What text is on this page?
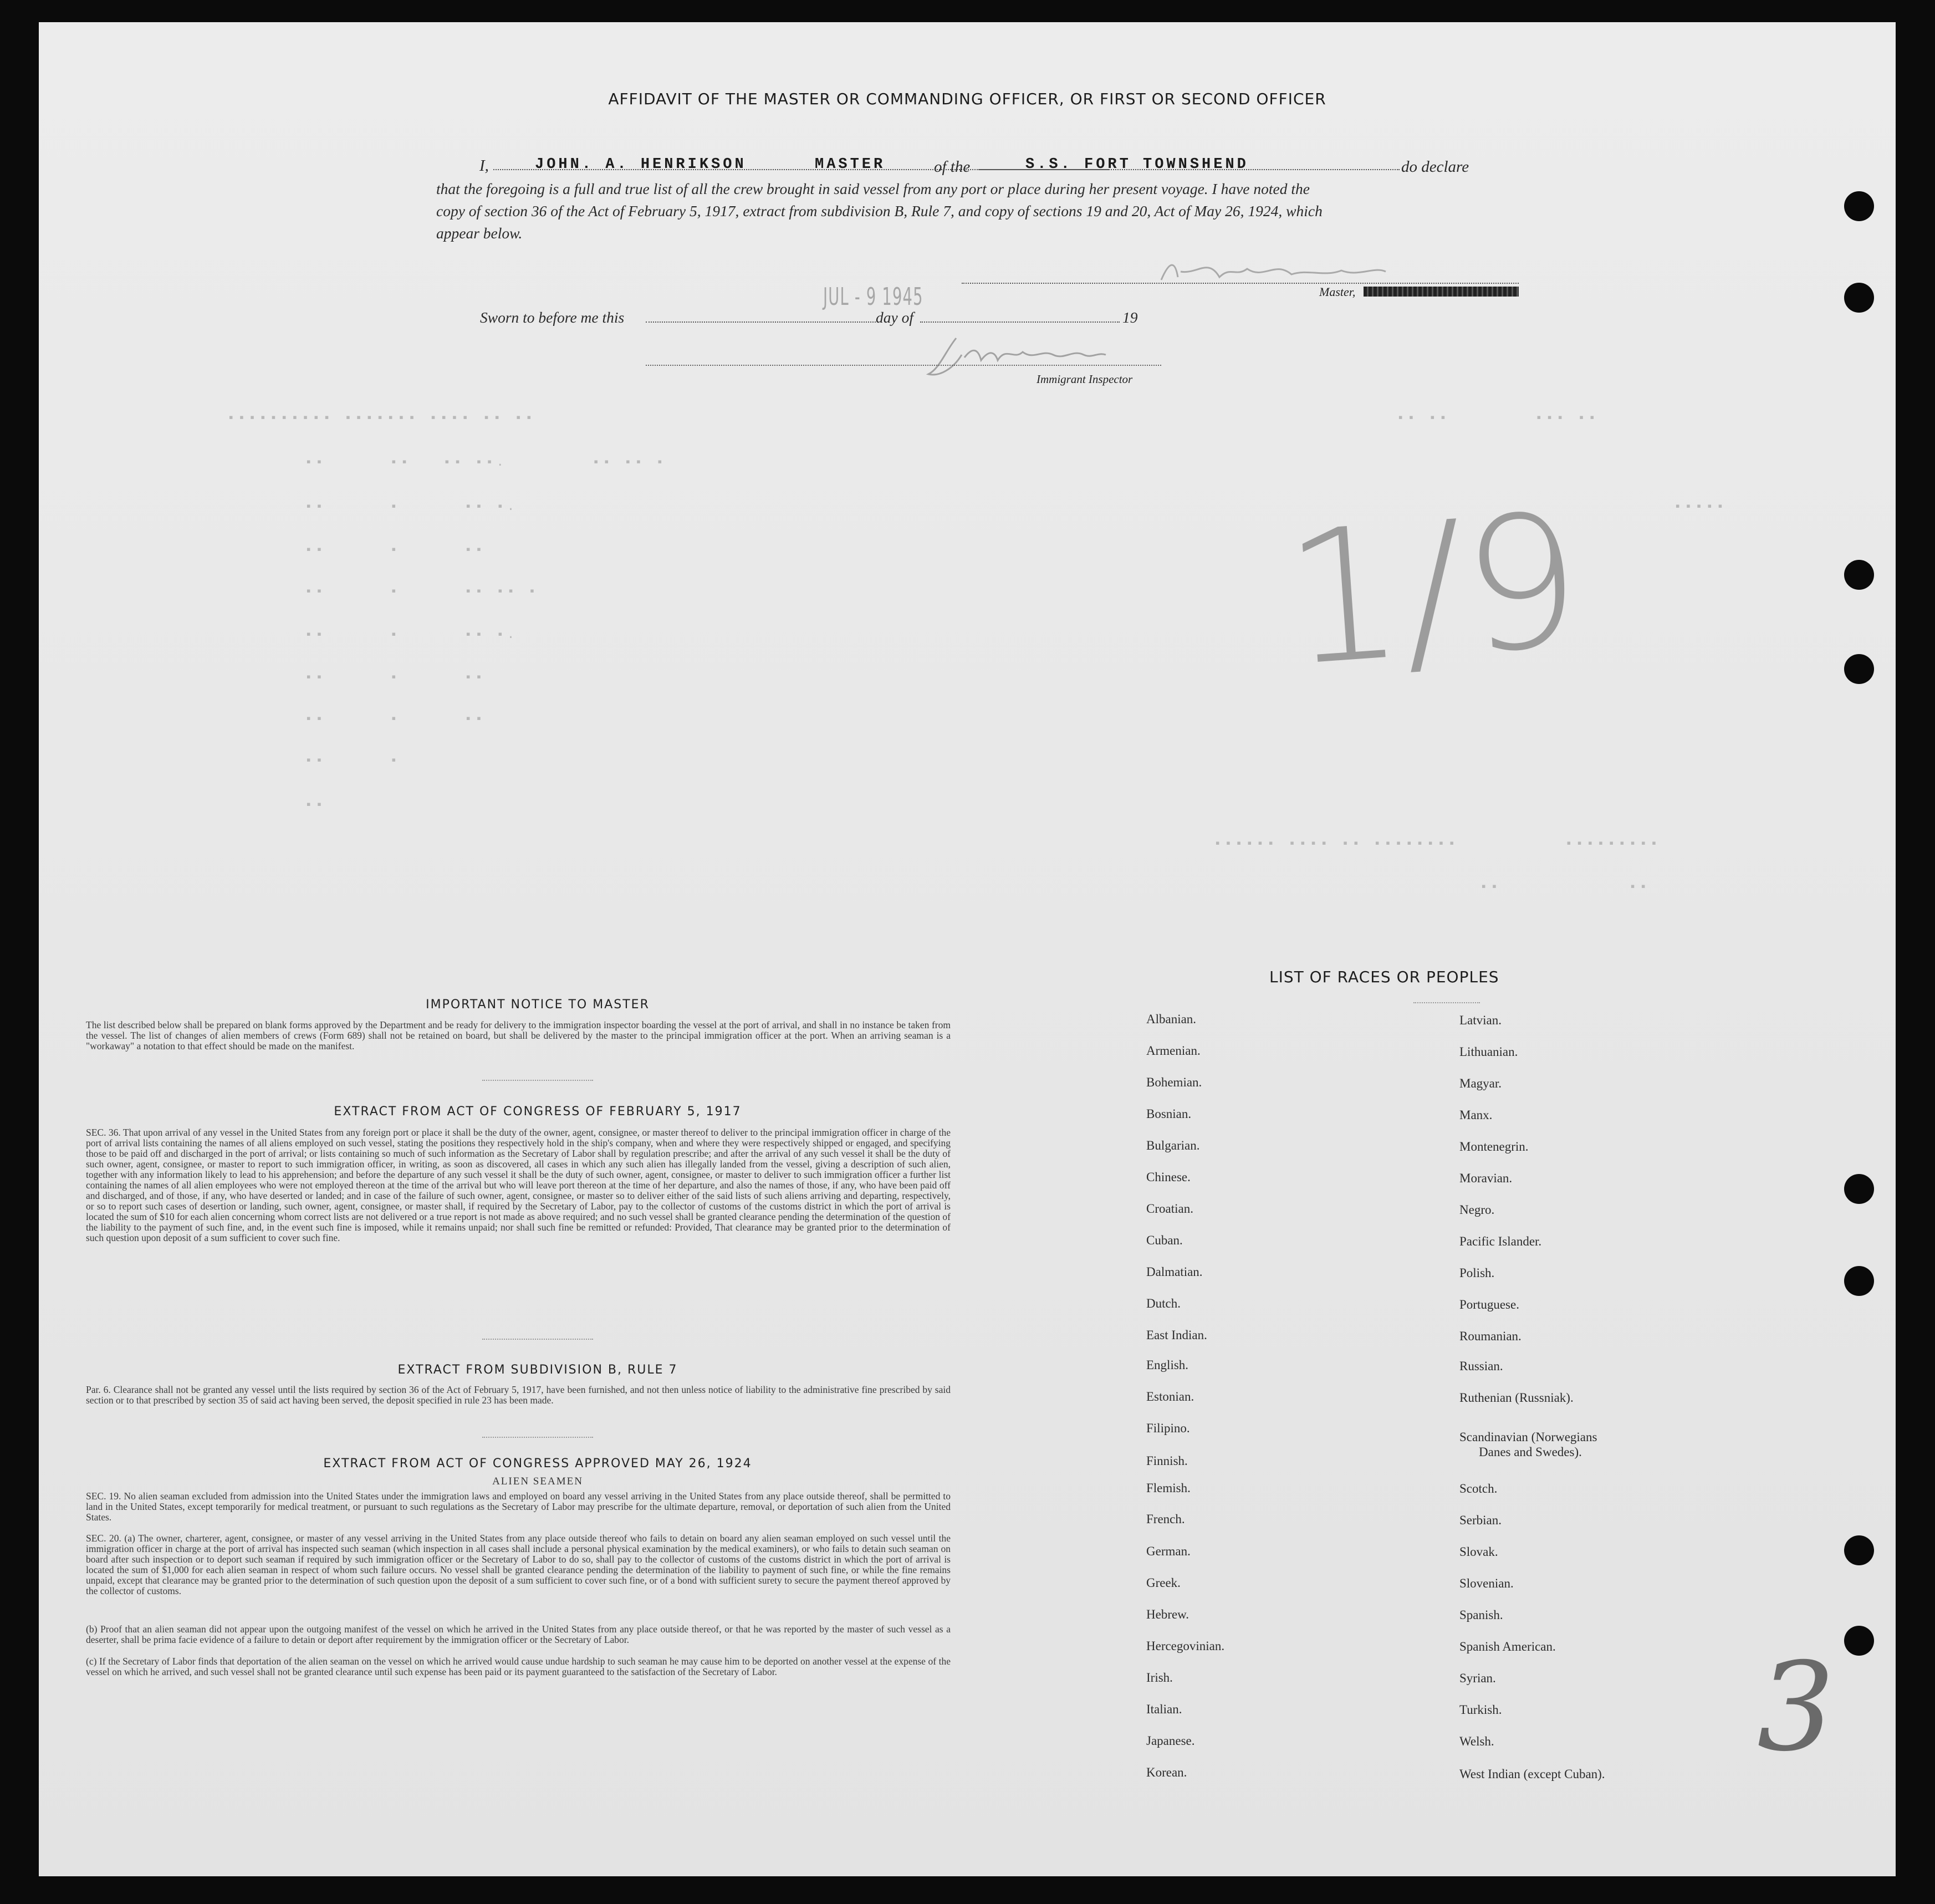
AFFIDAVIT OF THE MASTER OR COMMANDING OFFICER, OR FIRST OR SECOND OFFICER
I,	JOHN. A. HENRIKSON	MASTER	of the	S.S. FORT TOWNSHEND	do declare
that the foregoing is a full and true list of all the crew brought in said vessel from any port or place during her present voyage. I have noted the
copy of section 36 of the Act of February 5, 1917, extract from subdivision B, Rule 7, and copy of sections 19 and 20, Act of May 26, 1924, which
appear below.
Master,
Sworn to before me this
JUL - 9 1945
day of	19
Immigrant Inspector
▪▪▪▪▪▪▪▪▪▪ ▪▪▪▪▪▪▪ ▪▪▪▪ ▪▪ ▪▪
▪▪      ▪▪   ▪▪ ▪▪.        ▪▪ ▪▪ ▪
▪▪      ▪      ▪▪ ▪.
▪▪      ▪      ▪▪
▪▪      ▪      ▪▪ ▪▪ ▪
▪▪      ▪      ▪▪ ▪.
▪▪      ▪      ▪▪
▪▪      ▪      ▪▪
▪▪      ▪
▪▪
▪▪ ▪▪        ▪▪▪ ▪▪
▪▪▪▪▪
▪▪▪▪▪▪ ▪▪▪▪ ▪▪ ▪▪▪▪▪▪▪▪          ▪▪▪▪▪▪▪▪▪
▪▪            ▪▪
1/9
3
IMPORTANT NOTICE TO MASTER
The list described below shall be prepared on blank forms approved by the Department and be ready for delivery to the immigration inspector boarding the vessel at the port of arrival, and shall in no instance be taken from the vessel. The list of changes of alien members of crews (Form 689) shall not be retained on board, but shall be delivered by the master to the principal immigration officer at the port. When an arriving seaman is a "workaway" a notation to that effect should be made on the manifest.
EXTRACT FROM ACT OF CONGRESS OF FEBRUARY 5, 1917
SEC. 36. That upon arrival of any vessel in the United States from any foreign port or place it shall be the duty of the owner, agent, consignee, or master thereof to deliver to the principal immigration officer in charge of the port of arrival lists containing the names of all aliens employed on such vessel, stating the positions they respectively hold in the ship's company, when and where they were respectively shipped or engaged, and specifying those to be paid off and discharged in the port of arrival; or lists containing so much of such information as the Secretary of Labor shall by regulation prescribe; and after the arrival of any such vessel it shall be the duty of such owner, agent, consignee, or master to report to such immigration officer, in writing, as soon as discovered, all cases in which any such alien has illegally landed from the vessel, giving a description of such alien, together with any information likely to lead to his apprehension; and before the departure of any such vessel it shall be the duty of such owner, agent, consignee, or master to deliver to such immigration officer a further list containing the names of all alien employees who were not employed thereon at the time of the arrival but who will leave port thereon at the time of her departure, and also the names of those, if any, who have been paid off and discharged, and of those, if any, who have deserted or landed; and in case of the failure of such owner, agent, consignee, or master so to deliver either of the said lists of such aliens arriving and departing, respectively, or so to report such cases of desertion or landing, such owner, agent, consignee, or master shall, if required by the Secretary of Labor, pay to the collector of customs of the customs district in which the port of arrival is located the sum of $10 for each alien concerning whom correct lists are not delivered or a true report is not made as above required; and no such vessel shall be granted clearance pending the determination of the question of the liability to the payment of such fine, and, in the event such fine is imposed, while it remains unpaid; nor shall such fine be remitted or refunded: Provided, That clearance may be granted prior to the determination of such question upon deposit of a sum sufficient to cover such fine.
EXTRACT FROM SUBDIVISION B, RULE 7
Par. 6. Clearance shall not be granted any vessel until the lists required by section 36 of the Act of February 5, 1917, have been furnished, and not then unless notice of liability to the administrative fine prescribed by said section or to that prescribed by section 35 of said act having been served, the deposit specified in rule 23 has been made.
EXTRACT FROM ACT OF CONGRESS APPROVED MAY 26, 1924
ALIEN SEAMEN
SEC. 19. No alien seaman excluded from admission into the United States under the immigration laws and employed on board any vessel arriving in the United States from any place outside thereof, shall be permitted to land in the United States, except temporarily for medical treatment, or pursuant to such regulations as the Secretary of Labor may prescribe for the ultimate departure, removal, or deportation of such alien from the United States.
SEC. 20. (a) The owner, charterer, agent, consignee, or master of any vessel arriving in the United States from any place outside thereof who fails to detain on board any alien seaman employed on such vessel until the immigration officer in charge at the port of arrival has inspected such seaman (which inspection in all cases shall include a personal physical examination by the medical examiners), or who fails to detain such seaman on board after such inspection or to deport such seaman if required by such immigration officer or the Secretary of Labor to do so, shall pay to the collector of customs of the customs district in which the port of arrival is located the sum of $1,000 for each alien seaman in respect of whom such failure occurs. No vessel shall be granted clearance pending the determination of the liability to payment of such fine, or while the fine remains unpaid, except that clearance may be granted prior to the determination of such question upon the deposit of a sum sufficient to cover such fine, or of a bond with sufficient surety to secure the payment thereof approved by the collector of customs.
(b) Proof that an alien seaman did not appear upon the outgoing manifest of the vessel on which he arrived in the United States from any place outside thereof, or that he was reported by the master of such vessel as a deserter, shall be prima facie evidence of a failure to detain or deport after requirement by the immigration officer or the Secretary of Labor.
(c) If the Secretary of Labor finds that deportation of the alien seaman on the vessel on which he arrived would cause undue hardship to such seaman he may cause him to be deported on another vessel at the expense of the vessel on which he arrived, and such vessel shall not be granted clearance until such expense has been paid or its payment guaranteed to the satisfaction of the Secretary of Labor.
LIST OF RACES OR PEOPLES
Albanian.
Armenian.
Bohemian.
Bosnian.
Bulgarian.
Chinese.
Croatian.
Cuban.
Dalmatian.
Dutch.
East Indian.
English.
Estonian.
Filipino.
Finnish.
Flemish.
French.
German.
Greek.
Hebrew.
Hercegovinian.
Irish.
Italian.
Japanese.
Korean.
Latvian.
Lithuanian.
Magyar.
Manx.
Montenegrin.
Moravian.
Negro.
Pacific Islander.
Polish.
Portuguese.
Roumanian.
Russian.
Ruthenian (Russniak).
Scandinavian (Norwegians
Danes and Swedes).
Scotch.
Serbian.
Slovak.
Slovenian.
Spanish.
Spanish American.
Syrian.
Turkish.
Welsh.
West Indian (except Cuban).
